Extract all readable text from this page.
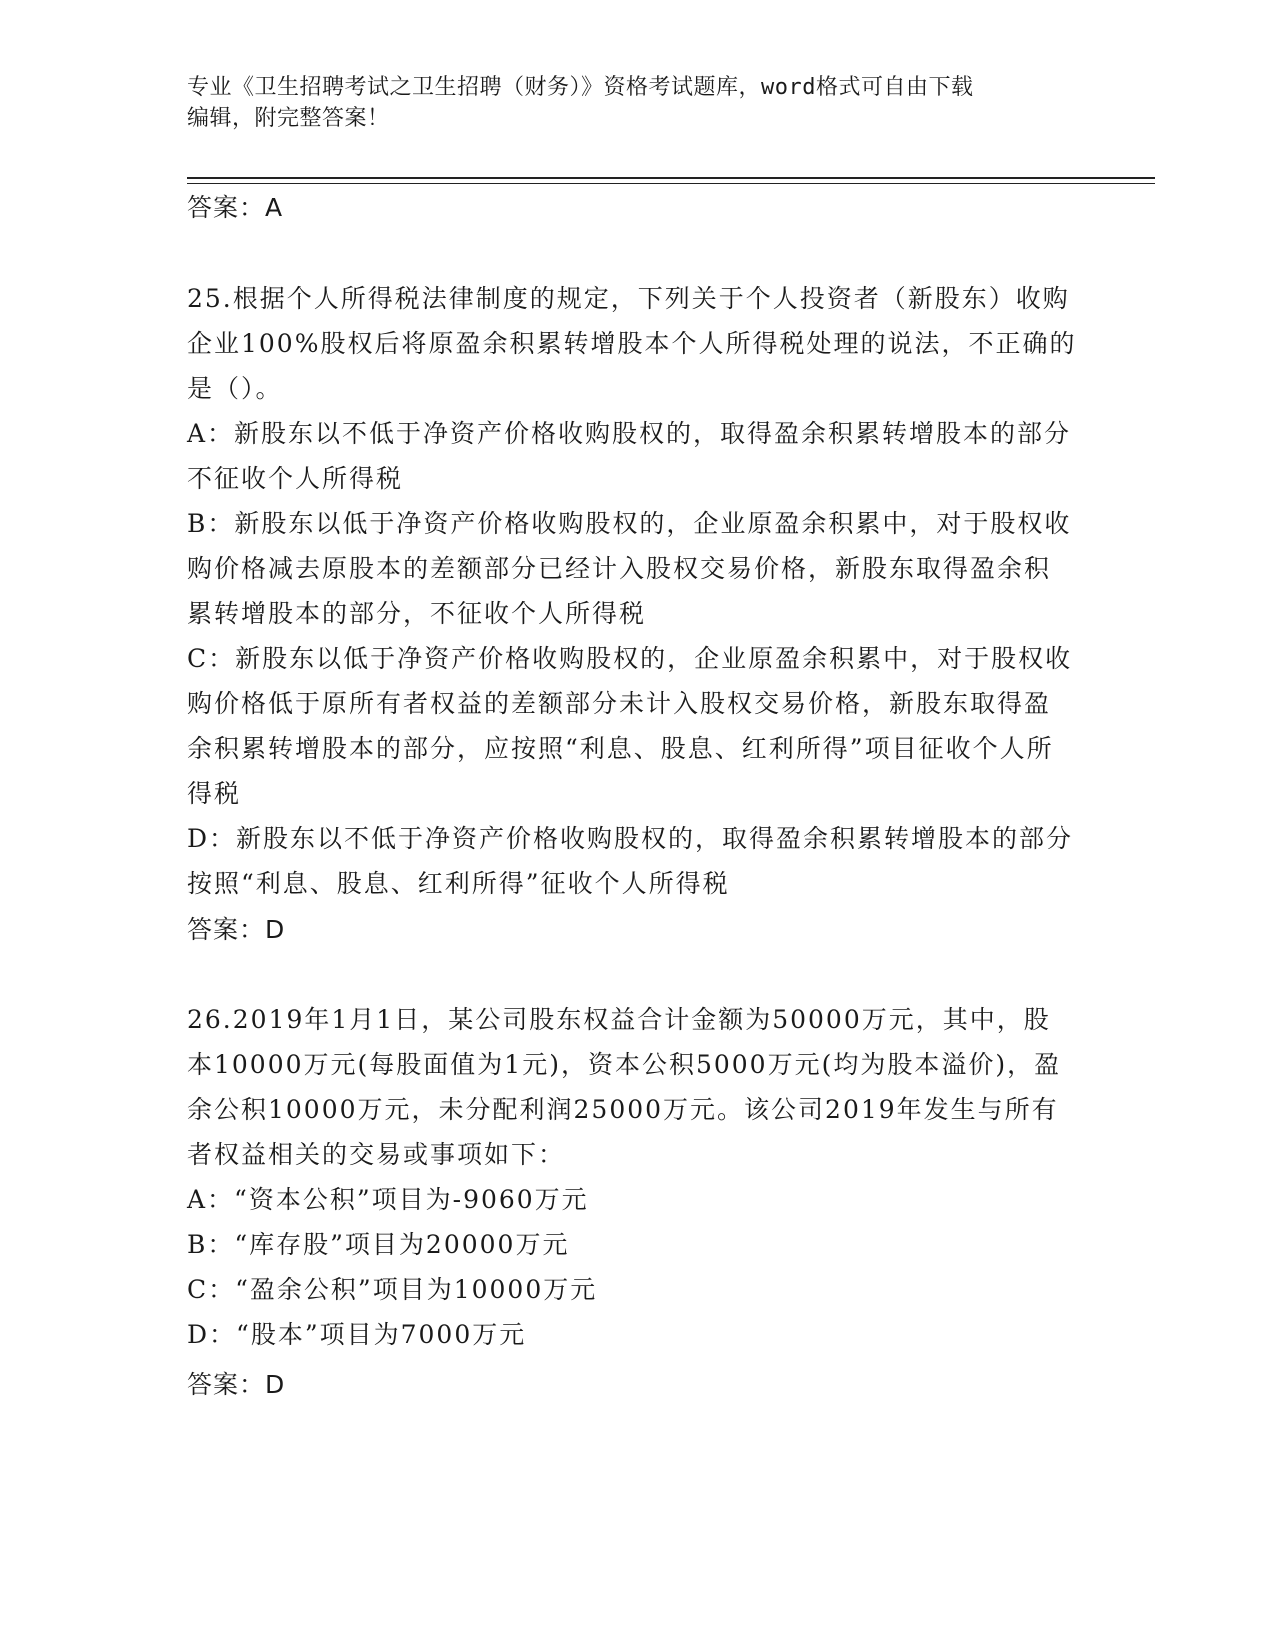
专业《卫生招聘考试之卫生招聘（财务）》资格考试题库，word格式可自由下载
编辑，附完整答案！
答案：A

25.根据个人所得税法律制度的规定，下列关于个人投资者（新股东）收购企业100%股权后将原盈余积累转增股本个人所得税处理的说法，不正确的是（）。

A：新股东以不低于净资产价格收购股权的，取得盈余积累转增股本的部分不征收个人所得税

B：新股东以低于净资产价格收购股权的，企业原盈余积累中，对于股权收购价格减去原股本的差额部分已经计入股权交易价格，新股东取得盈余积累转增股本的部分，不征收个人所得税

C：新股东以低于净资产价格收购股权的，企业原盈余积累中，对于股权收购价格低于原所有者权益的差额部分未计入股权交易价格，新股东取得盈余积累转增股本的部分，应按照“利息、股息、红利所得”项目征收个人所得税

D：新股东以不低于净资产价格收购股权的，取得盈余积累转增股本的部分按照“利息、股息、红利所得”征收个人所得税

答案：D

26.2019年1月1日，某公司股东权益合计金额为50000万元，其中，股本10000万元(每股面值为1元)，资本公积5000万元(均为股本溢价)，盈余公积10000万元，未分配利润25000万元。该公司2019年发生与所有者权益相关的交易或事项如下：

A：“资本公积”项目为-9060万元

B：“库存股”项目为20000万元

C：“盈余公积”项目为10000万元

D：“股本”项目为7000万元

答案：D
